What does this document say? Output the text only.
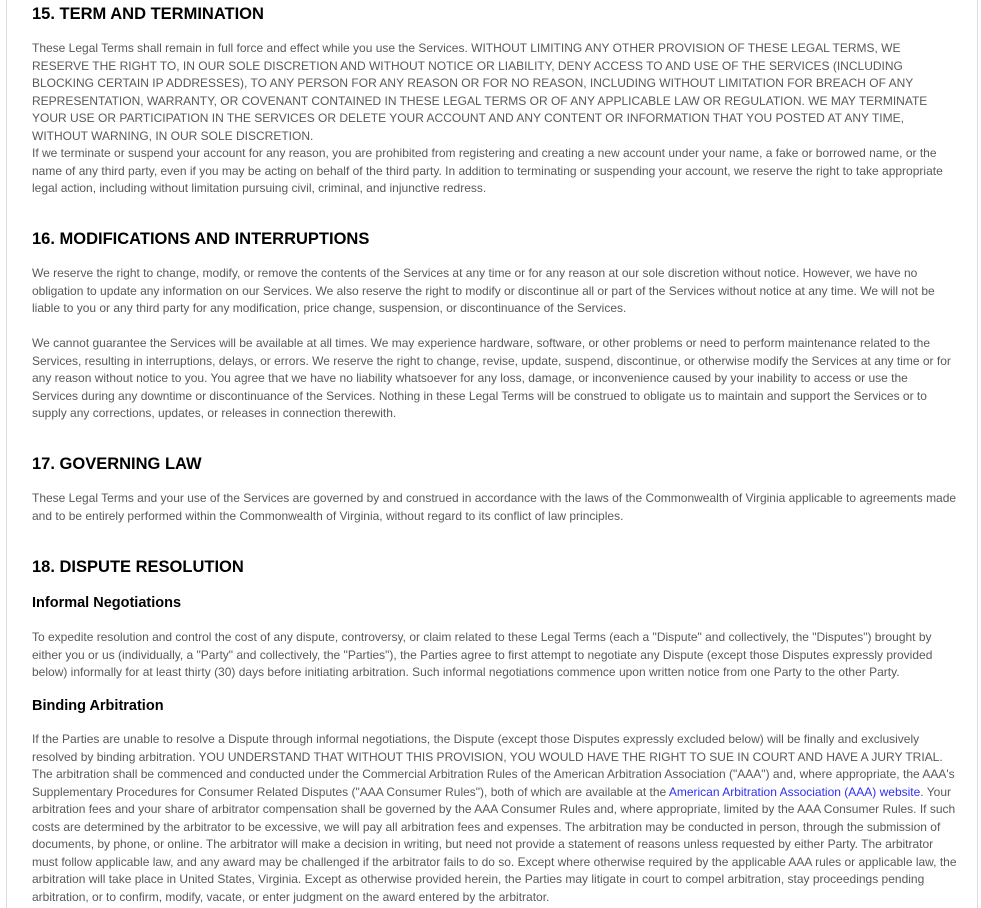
15. TERM AND TERMINATION

These Legal Terms shall remain in full force and effect while you use the Services. WITHOUT LIMITING ANY OTHER PROVISION OF THESE LEGAL TERMS, WE RESERVE THE RIGHT TO, IN OUR SOLE DISCRETION AND WITHOUT NOTICE OR LIABILITY, DENY ACCESS TO AND USE OF THE SERVICES (INCLUDING BLOCKING CERTAIN IP ADDRESSES), TO ANY PERSON FOR ANY REASON OR FOR NO REASON, INCLUDING WITHOUT LIMITATION FOR BREACH OF ANY REPRESENTATION, WARRANTY, OR COVENANT CONTAINED IN THESE LEGAL TERMS OR OF ANY APPLICABLE LAW OR REGULATION. WE MAY TERMINATE YOUR USE OR PARTICIPATION IN THE SERVICES OR DELETE YOUR ACCOUNT AND ANY CONTENT OR INFORMATION THAT YOU POSTED AT ANY TIME, WITHOUT WARNING, IN OUR SOLE DISCRETION.

If we terminate or suspend your account for any reason, you are prohibited from registering and creating a new account under your name, a fake or borrowed name, or the name of any third party, even if you may be acting on behalf of the third party. In addition to terminating or suspending your account, we reserve the right to take appropriate legal action, including without limitation pursuing civil, criminal, and injunctive redress.

16. MODIFICATIONS AND INTERRUPTIONS

We reserve the right to change, modify, or remove the contents of the Services at any time or for any reason at our sole discretion without notice. However, we have no obligation to update any information on our Services. We also reserve the right to modify or discontinue all or part of the Services without notice at any time. We will not be liable to you or any third party for any modification, price change, suspension, or discontinuance of the Services.

We cannot guarantee the Services will be available at all times. We may experience hardware, software, or other problems or need to perform maintenance related to the Services, resulting in interruptions, delays, or errors. We reserve the right to change, revise, update, suspend, discontinue, or otherwise modify the Services at any time or for any reason without notice to you. You agree that we have no liability whatsoever for any loss, damage, or inconvenience caused by your inability to access or use the Services during any downtime or discontinuance of the Services. Nothing in these Legal Terms will be construed to obligate us to maintain and support the Services or to supply any corrections, updates, or releases in connection therewith.

17. GOVERNING LAW

These Legal Terms and your use of the Services are governed by and construed in accordance with the laws of the Commonwealth of Virginia applicable to agreements made and to be entirely performed within the Commonwealth of Virginia, without regard to its conflict of law principles.

18. DISPUTE RESOLUTION
Informal Negotiations

To expedite resolution and control the cost of any dispute, controversy, or claim related to these Legal Terms (each a "Dispute" and collectively, the "Disputes") brought by either you or us (individually, a "Party" and collectively, the "Parties"), the Parties agree to first attempt to negotiate any Dispute (except those Disputes expressly provided below) informally for at least thirty (30) days before initiating arbitration. Such informal negotiations commence upon written notice from one Party to the other Party.

Binding Arbitration

If the Parties are unable to resolve a Dispute through informal negotiations, the Dispute (except those Disputes expressly excluded below) will be finally and exclusively resolved by binding arbitration. YOU UNDERSTAND THAT WITHOUT THIS PROVISION, YOU WOULD HAVE THE RIGHT TO SUE IN COURT AND HAVE A JURY TRIAL. The arbitration shall be commenced and conducted under the Commercial Arbitration Rules of the American Arbitration Association ("AAA") and, where appropriate, the AAA's Supplementary Procedures for Consumer Related Disputes ("AAA Consumer Rules"), both of which are available at the American Arbitration Association (AAA) website. Your arbitration fees and your share of arbitrator compensation shall be governed by the AAA Consumer Rules and, where appropriate, limited by the AAA Consumer Rules. If such costs are determined by the arbitrator to be excessive, we will pay all arbitration fees and expenses. The arbitration may be conducted in person, through the submission of documents, by phone, or online. The arbitrator will make a decision in writing, but need not provide a statement of reasons unless requested by either Party. The arbitrator must follow applicable law, and any award may be challenged if the arbitrator fails to do so. Except where otherwise required by the applicable AAA rules or applicable law, the arbitration will take place in United States, Virginia. Except as otherwise provided herein, the Parties may litigate in court to compel arbitration, stay proceedings pending arbitration, or to confirm, modify, vacate, or enter judgment on the award entered by the arbitrator.
